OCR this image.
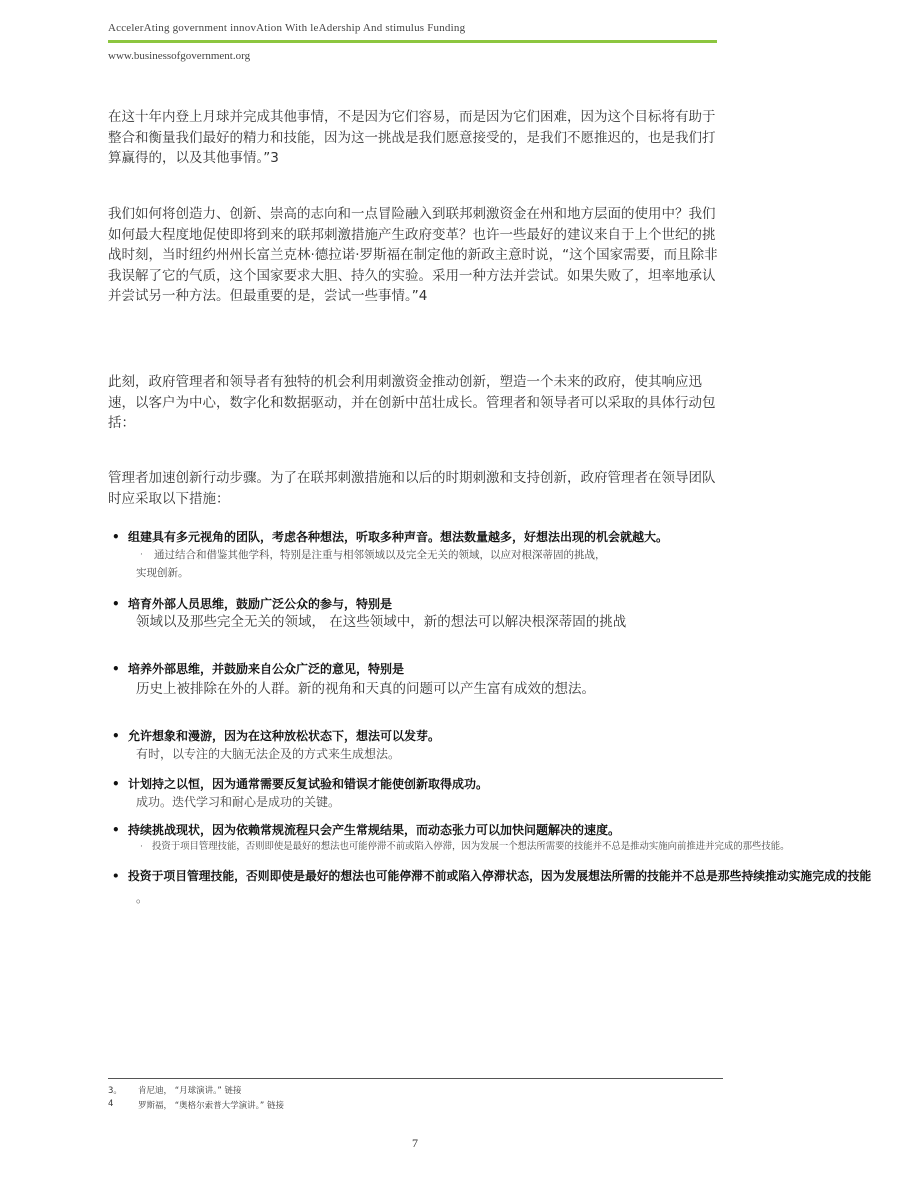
AccelerAting government innovAtion With leAdership And stimulus Funding
www.businessofgovernment.org

在这十年内登上月球并完成其他事情，不是因为它们容易，而是因为它们困难，因为这个目标将有助于整合和衡量我们最好的精力和技能，因为这一挑战是我们愿意接受的，是我们不愿推迟的，也是我们打算赢得的，以及其他事情。”3

我们如何将创造力、创新、崇高的志向和一点冒险融入到联邦刺激资金在州和地方层面的使用中？我们如何最大程度地促使即将到来的联邦刺激措施产生政府变革？也许一些最好的建议来自于上个世纪的挑战时刻，当时纽约州州长富兰克林·德拉诺·罗斯福在制定他的新政主意时说，“这个国家需要，而且除非我误解了它的气质，这个国家要求大胆、持久的实验。采用一种方法并尝试。如果失败了，坦率地承认并尝试另一种方法。但最重要的是，尝试一些事情。”4

此刻，政府管理者和领导者有独特的机会利用刺激资金推动创新，塑造一个未来的政府，使其响应迅速，以客户为中心，数字化和数据驱动，并在创新中茁壮成长。管理者和领导者可以采取的具体行动包括：

管理者加速创新行动步骤。为了在联邦刺激措施和以后的时期刺激和支持创新，政府管理者在领导团队时应采取以下措施：

• 组建具有多元视角的团队，考虑各种想法，听取多种声音。想法数量越多，好想法出现的机会就越大。
· 通过结合和借鉴其他学科，特别是注重与相邻领域以及完全无关的领域，以应对根深蒂固的挑战，
实现创新。
• 培育外部人员思维，鼓励广泛公众的参与，特别是
领域以及那些完全无关的领域， 在这些领域中，新的想法可以解决根深蒂固的挑战
• 培养外部思维，并鼓励来自公众广泛的意见，特别是
历史上被排除在外的人群。新的视角和天真的问题可以产生富有成效的想法。
• 允许想象和漫游，因为在这种放松状态下，想法可以发芽。
有时，以专注的大脑无法企及的方式来生成想法。
• 计划持之以恒，因为通常需要反复试验和错误才能使创新取得成功。
成功。迭代学习和耐心是成功的关键。
• 持续挑战现状，因为依赖常规流程只会产生常规结果，而动态张力可以加快问题解决的速度。
· 投资于项目管理技能，否则即使是最好的想法也可能停滞不前或陷入停滞，因为发展一个想法所需要的技能并不总是推动实施向前推进并完成的那些技能。
• 投资于项目管理技能，否则即使是最好的想法也可能停滞不前或陷入停滞状态，因为发展想法所需的技能并不总是那些持续推动实施完成的技能
。
3。 肯尼迪， “月球演讲。” 链接
4	罗斯福， “奥格尔索普大学演讲。” 链接
7
